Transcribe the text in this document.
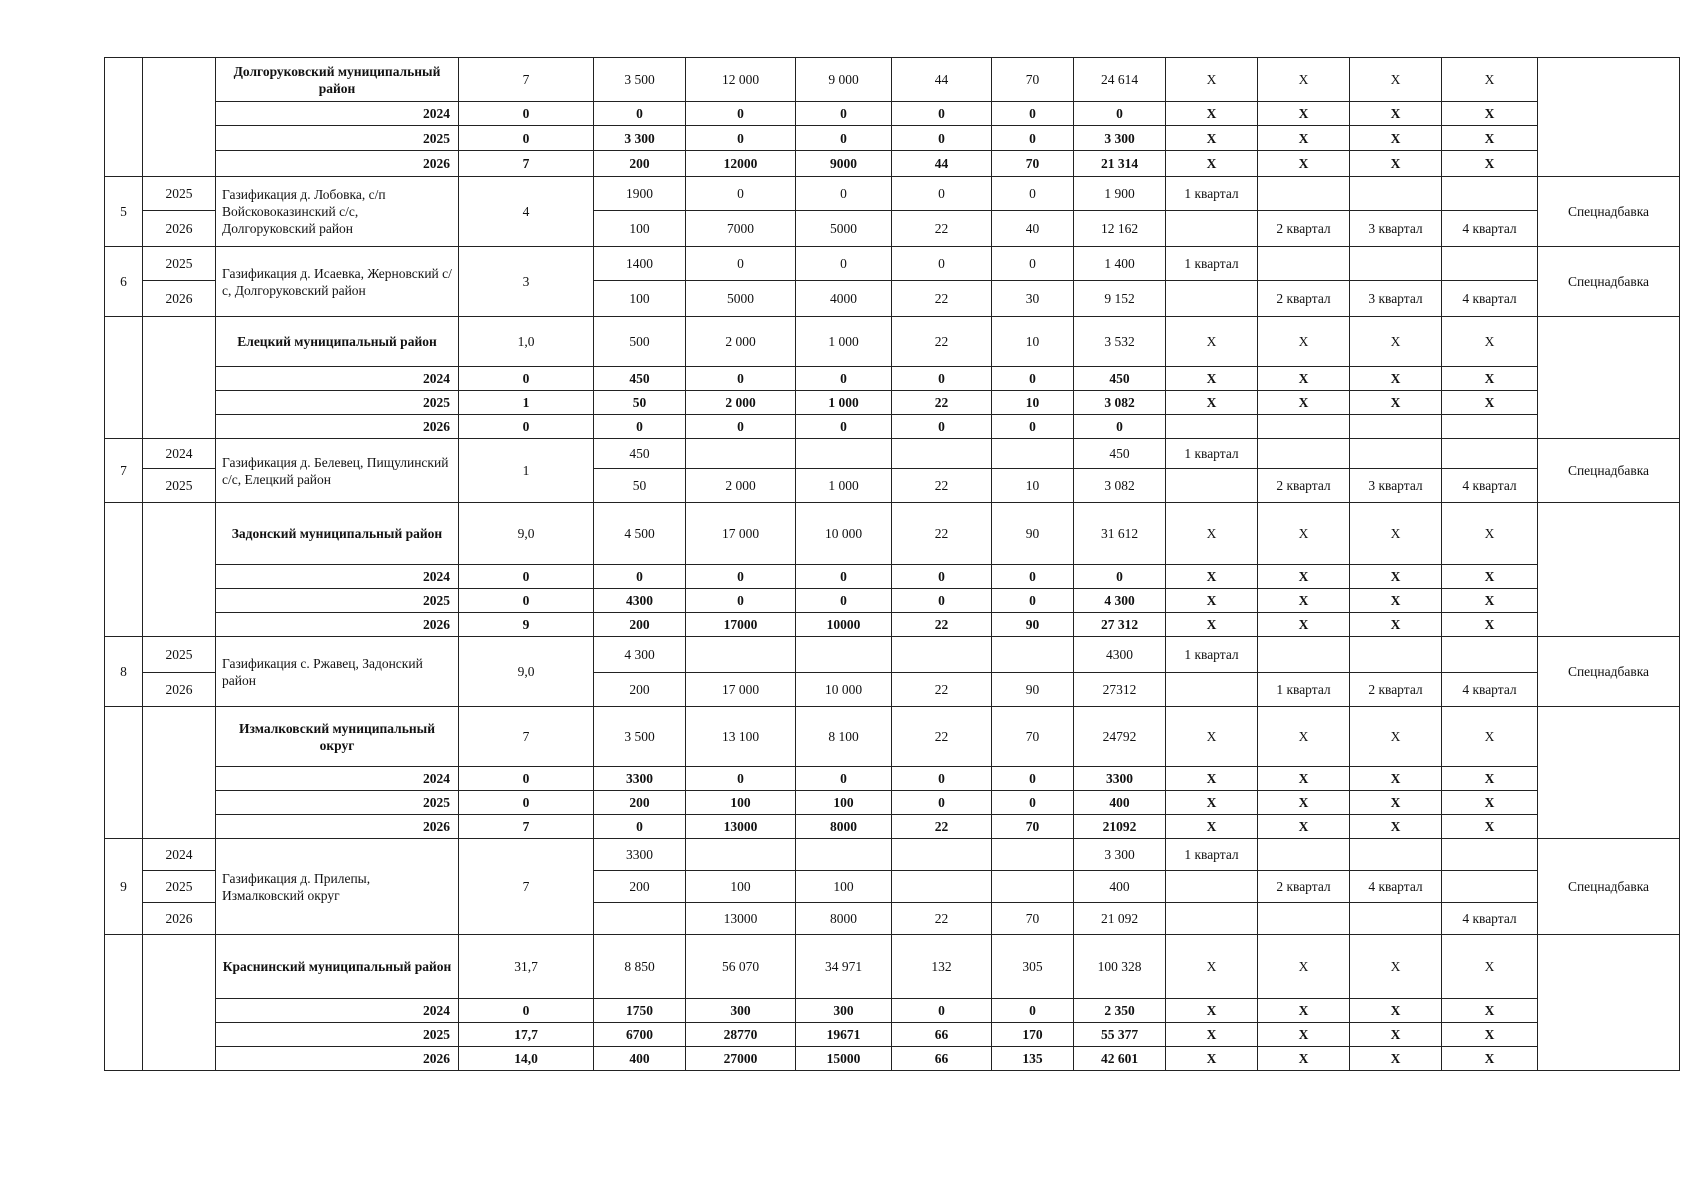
		Долгоруковский муниципальный район	7	3 500	12 000	9 000	44	70	24 614	X	X	X	X	
		2024	0	0	0	0	0	0	0	X	X	X	X	
		2025	0	3 300	0	0	0	0	3 300	X	X	X	X	
		2026	7	200	12000	9000	44	70	21 314	X	X	X	X	
5	2025	Газификация д. Лобовка, с/п Войсковоказинский с/с, Долгоруковский район	4	1900	0	0	0	0	1 900	1 квартал				Спецнадбавка
	2026			100	7000	5000	22	40	12 162		2 квартал	3 квартал	4 квартал	
6	2025	Газификация д. Исаевка, Жерновский с/с, Долгоруковский район	3	1400	0	0	0	0	1 400	1 квартал				Спецнадбавка
	2026			100	5000	4000	22	30	9 152		2 квартал	3 квартал	4 квартал	
		Елецкий муниципальный район	1,0	500	2 000	1 000	22	10	3 532	X	X	X	X	
		2024	0	450	0	0	0	0	450	X	X	X	X	
		2025	1	50	2 000	1 000	22	10	3 082	X	X	X	X	
		2026	0	0	0	0	0	0	0					
7	2024	Газификация д. Белевец, Пищулинский с/с, Елецкий район	1	450					450	1 квартал				Спецнадбавка
	2025			50	2 000	1 000	22	10	3 082		2 квартал	3 квартал	4 квартал	
		Задонский муниципальный район	9,0	4 500	17 000	10 000	22	90	31 612	X	X	X	X	
		2024	0	0	0	0	0	0	0	X	X	X	X	
		2025	0	4300	0	0	0	0	4 300	X	X	X	X	
		2026	9	200	17000	10000	22	90	27 312	X	X	X	X	
8	2025	Газификация с. Ржавец, Задонский район	9,0	4 300					4300	1 квартал				Спецнадбавка
	2026			200	17 000	10 000	22	90	27312		1 квартал	2 квартал	4 квартал	
		Измалковский муниципальный округ	7	3 500	13 100	8 100	22	70	24792	X	X	X	X	
		2024	0	3300	0	0	0	0	3300	X	X	X	X	
		2025	0	200	100	100	0	0	400	X	X	X	X	
		2026	7	0	13000	8000	22	70	21092	X	X	X	X	
9	2024	Газификация д. Прилепы, Измалковский округ	7	3300					3 300	1 квартал				Спецнадбавка
	2025			200	100	100			400		2 квартал	4 квартал		
	2026				13000	8000	22	70	21 092				4 квартал	
		Краснинский муниципальный район	31,7	8 850	56 070	34 971	132	305	100 328	X	X	X	X	
		2024	0	1750	300	300	0	0	2 350	X	X	X	X	
		2025	17,7	6700	28770	19671	66	170	55 377	X	X	X	X	
		2026	14,0	400	27000	15000	66	135	42 601	X	X	X	X	
